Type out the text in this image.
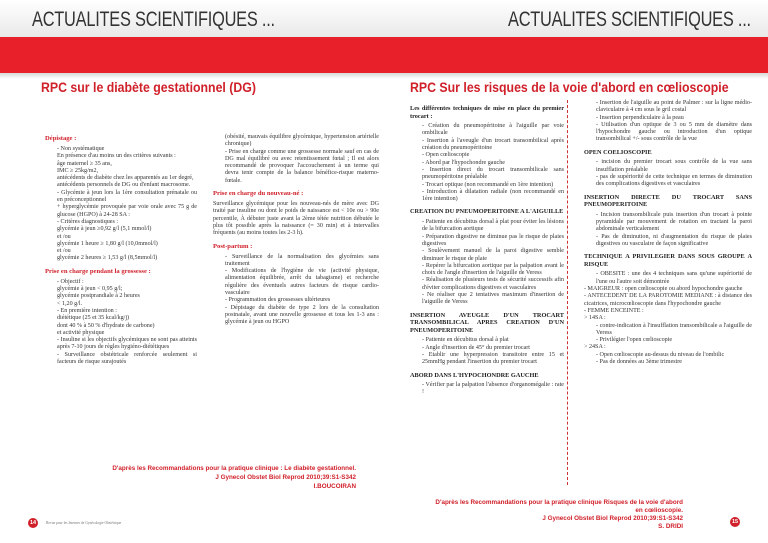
ACTUALITES SCIENTIFIQUES ...	ACTUALITES SCIENTIFIQUES ...
RPC sur le diabète gestationnel (DG)	RPC Sur les risques de la voie d'abord en cœlioscopie
Dépistage :
- Non systématique
En présence d'au moins un des critères suivants :
âge maternel ≥ 35 ans,
IMC ≥ 25kg/m2,
antécédents de diabète chez les apparentés au 1er degré,
antécédents personnels de DG ou d'enfant macrosome.
- Glycémie à jeun lors la 1ère consultation prénatale ou en préconceptionnel
+ hyperglycémie provoquée par voie orale avec 75 g de glucose (HGPO) à 24-28 SA :
- Critères diagnostiques :
glycémie à jeun ≥0,92 g/l (5,1 mmol/l)
et /ou
glycémie 1 heure ≥ 1,80 g/l (10,0mmol/l)
et /ou
glycémie 2 heures ≥ 1,53 g/l (8,5mmol/l)
Prise en charge pendant la grossesse :
- Objectif :
glycémie à jeun < 0,95 g/l;
glycémie postprandiale à 2 heures
< 1,20 g/l.
- En première intention :
diététique (25 et 35 kcal/kg/j)
dont 40 % à 50 % d'hydrate de carbone)
et activité physique
- Insuline si les objectifs glycémiques ne sont pas atteints après 7-10 jours de règles hygiéno-diététiques
- Surveillance obstétricale renforcée seulement si facteurs de risque surajoutés
(obésité, mauvais équilibre glycémique, hypertension artérielle chronique)
- Prise en charge comme une grossesse normale sauf en cas de DG mal équilibré ou avec retentissement fœtal ; Il est alors recommandé de provoquer l'accouchement à un terme qui devra tenir compte de la balance bénéfice-risque materno-fœtale.
Prise en charge du nouveau-né :
Surveillance glycémique pour les nouveau-nés de mère avec DG traité par insuline ou dont le poids de naissance est < 10e ou > 90e percentile, À débuter juste avant la 2ème tétée nutrition débutée le plus tôt possible après la naissance (= 30 min) et à intervalles fréquents (au moins toutes les 2-3 h).
Post-partum :
- Surveillance de la normalisation des glycémies sans traitement
- Modifications de l'hygiène de vie (activité physique, alimentation équilibrée, arrêt du tabagisme) et recherche régulière des éventuels autres facteurs de risque cardio-vasculaire
- Programmation des grossesses ultérieures
- Dépistage du diabète de type 2 lors de la consultation postnatale, avant une nouvelle grossesse et tous les 1-3 ans : glycémie à jeun ou HGPO
Les différentes techniques de mise en place du premier trocart :
- Création du pneumopéritoine à l'aiguille par voie ombilicale
- Insertion à l'aveugle d'un trocart transombilical après création du pneumopéritoine
- Open cœlioscopie
- Abord par l'hypochondre gauche
- Insertion direct du trocart transombilicale sans pneumopéritoine préalable
- Trocart optique (non recommandé en 1ère intention)
- Introduction à dilatation radiale (non recommandé en 1ère intention)
CREATION DU PNEUMOPERITOINE A L'AIGUILLE
- Patiente en décubitus dorsal à plat pour éviter les lésions de la bifurcation aortique
- Préparation digestive ne diminue pas le risque de plaies digestives
- Soulèvement manuel de la paroi digestive semble diminuer le risque de plaie
- Repérer la bifurcation aortique par la palpation avant le choix de l'angle d'insertion de l'aiguille de Veress
- Réalisation de plusieurs tests de sécurité successifs afin d'éviter complications digestives et vasculaires
- Ne réaliser que 2 tentatives maximum d'insertion de l'aiguille de Veress
INSERTION AVEUGLE D'UN TROCART TRANSOMBILICAL APRES CREATION D'UN PNEUMOPERITOINE
- Patiente en décubitus dorsal à plat
- Angle d'insertion de 45° du premier trocart
- Etablir une hyperpression transitoire entre 15 et 25mmHg pendant l'insertion du premier trocart
ABORD DANS L'HYPOCHONDRE GAUCHE
- Vérifier par la palpation l'absence d'organomégalie : rate !
- Insertion de l'aiguille au point de Palmer : sur la ligne médio-claviculaire à 4 cm sous le gril costal
- Insertion perpendiculaire à la peau
- Utilisation d'un optique de 3 ou 5 mm de diamètre dans l'hypochondre gauche ou introduction d'un optique transombilical +/- sous contrôle de la vue
OPEN COELIOSCOPIE
- incision du premier trocart sous contrôle de la vue sans insufflation préalable
- pas de supériorité de cette technique en termes de diminution des complications digestives et vasculaires
INSERTION DIRECTE DU TROCART SANS PNEUMOPERITOINE
- Incision transombilicale puis insertion d'un trocart à pointe pyramidale par mouvement de rotation en tractant la paroi abdominale verticalement
- Pas de diminution, ni d'augmentation du risque de plaies digestives ou vasculaire de façon significative
TECHNIQUE A PRIVILEGIER DANS SOUS GROUPE A RISQUE
- OBESITE : une des 4 techniques sans qu'une supériorité de l'une ou l'autre soit démontrée
- MAIGREUR : open cœlioscopie ou abord hypochondre gauche
- ANTECEDENT DE LA PAROTOMIE MEDIANE : à distance des cicatrices, microcœlioscopie dans l'hypochondre gauche
- FEMME ENCEINTE :
> 14SA :
- contre-indication à l'insufflation transombilicale a l'aiguille de Veress
- Privilégier l'open cœlioscopie
> 24SA :
- Open cœlioscopie au-dessus du niveau de l'ombilic
- Pas de données au 3ème trimestre
D'après les Recommandations pour la pratique clinique : Le diabète gestationnel.
J Gynecol Obstet Biol Reprod 2010;39:S1-S342
I.BOUCOIRAN
D'après les Recommandations pour la pratique clinique Risques de la voie d'abord
en cœlioscopie.
J Gynecol Obstet Biol Reprod 2010;39:S1-S342
S. DRIDI
14	Revue pour les Internes de Gynécologie Obstétrique	15
